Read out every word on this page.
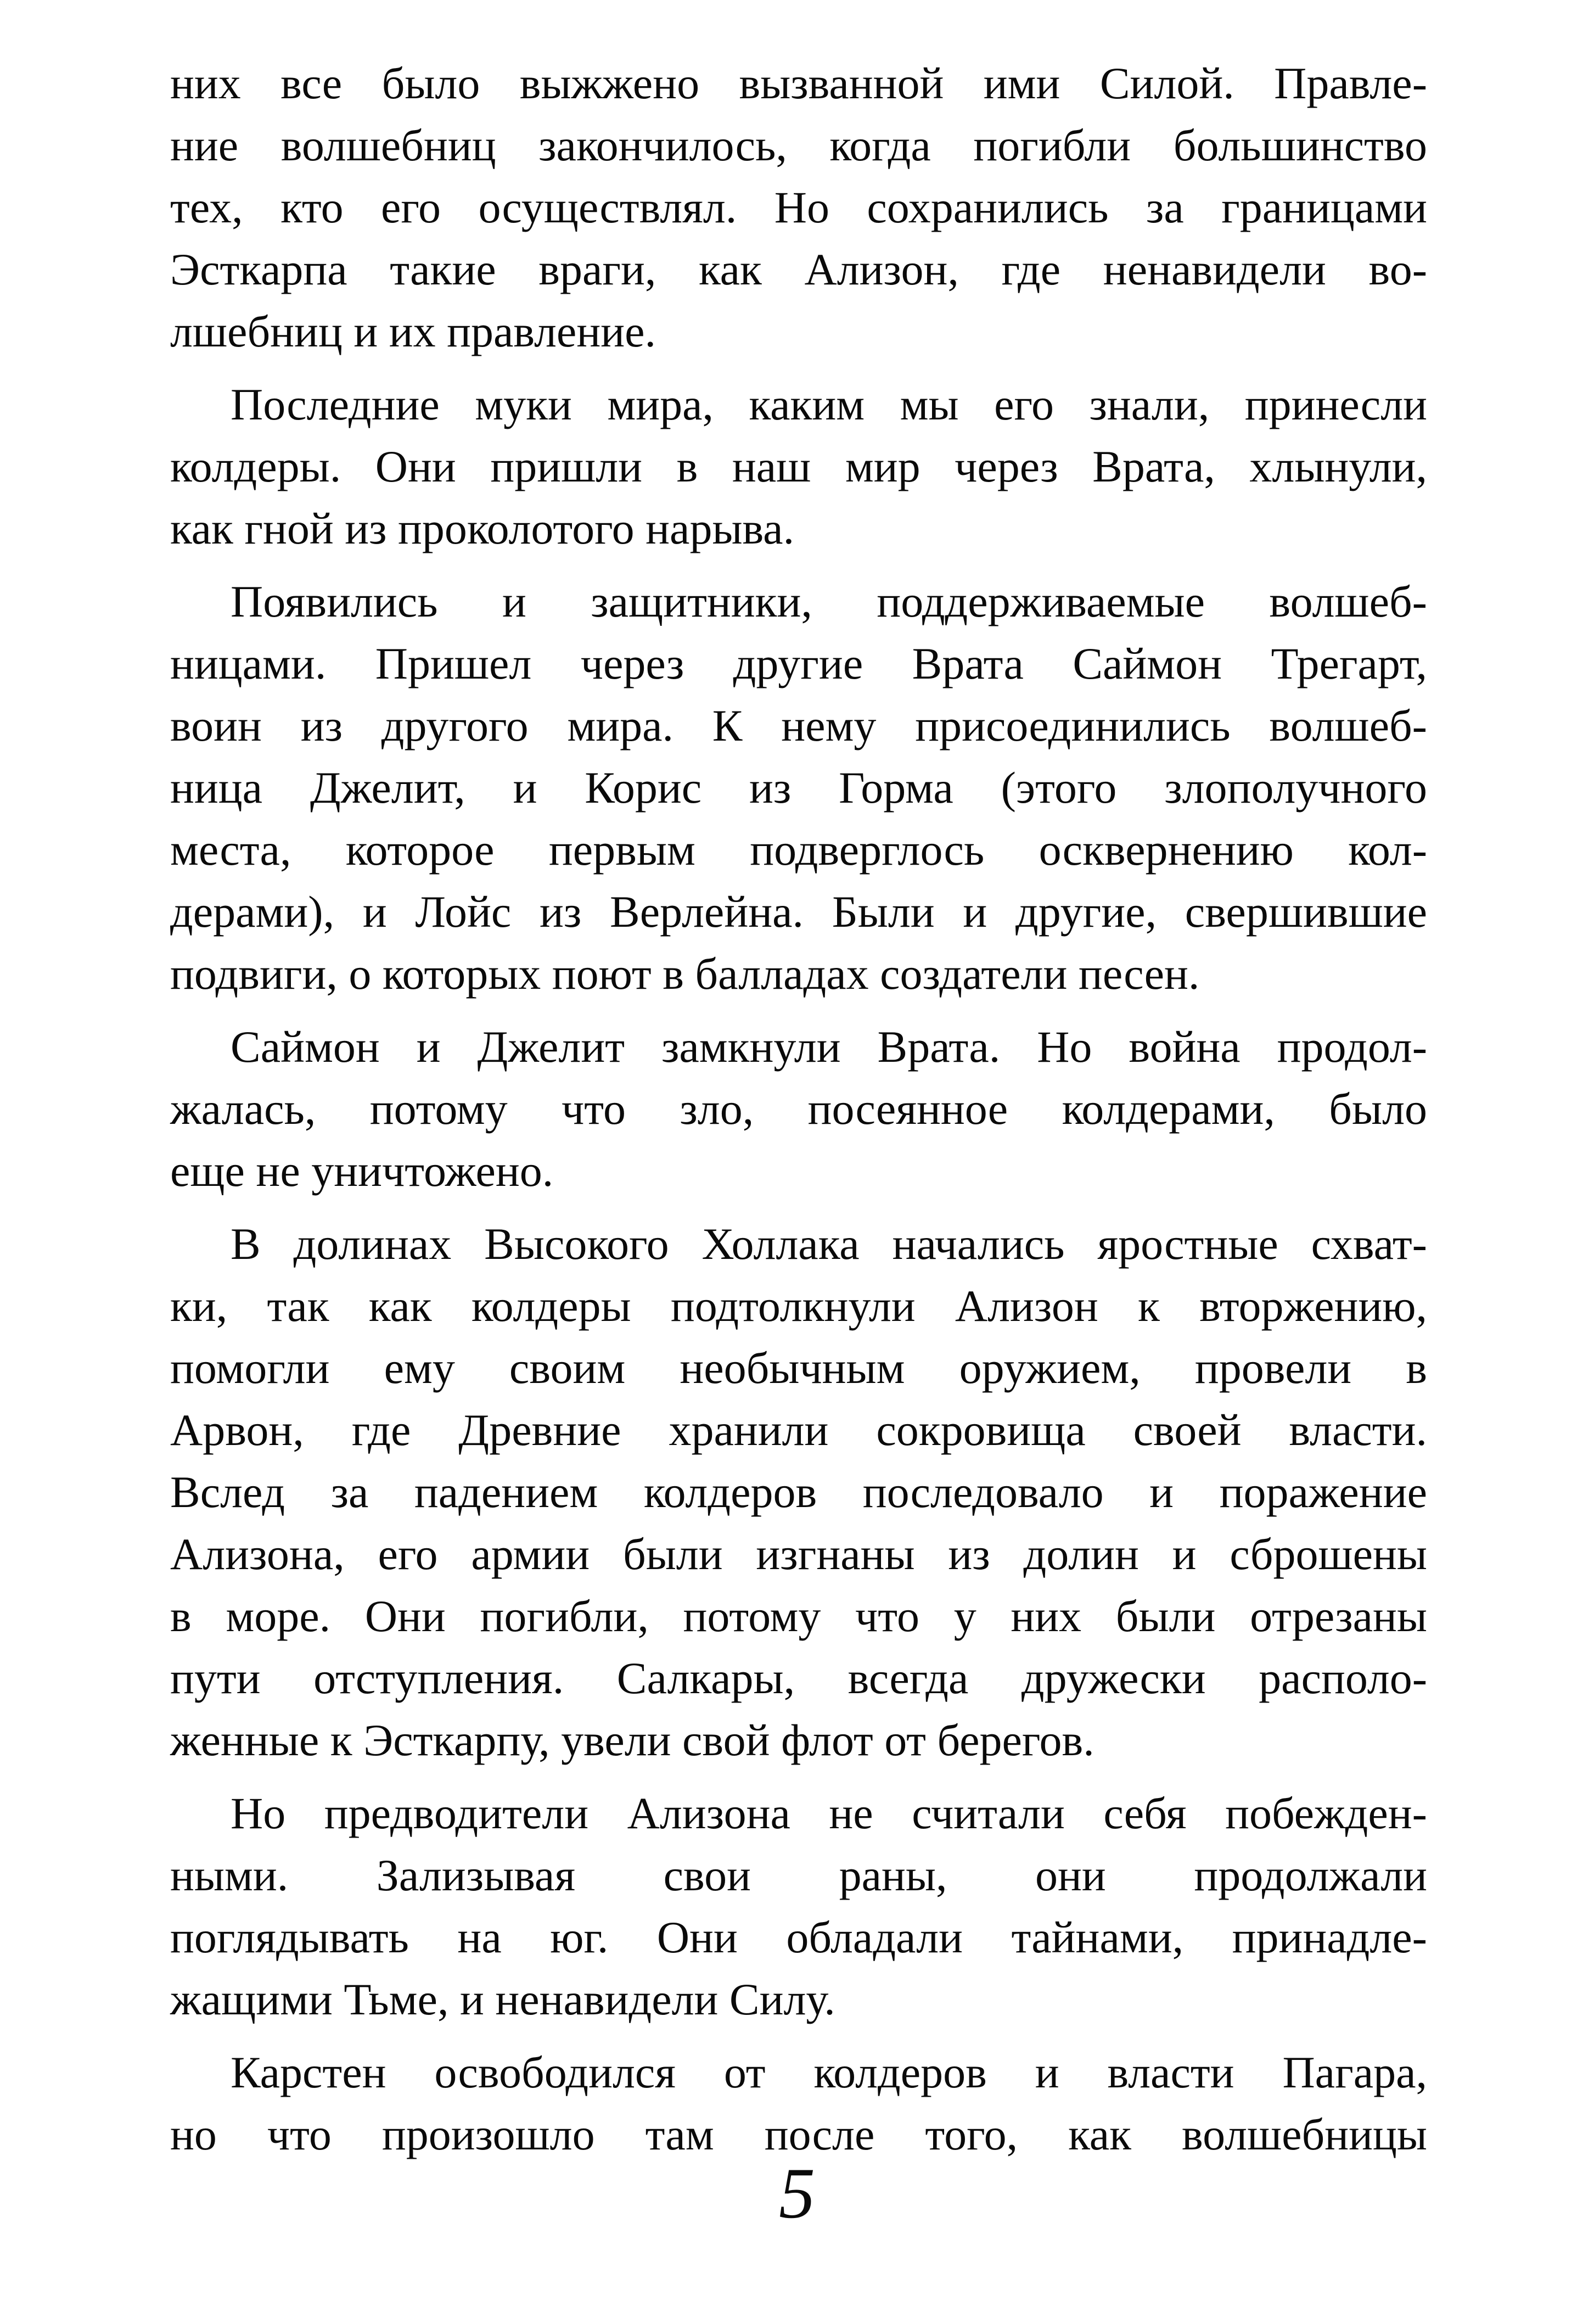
них все было выжжено вызванной ими Силой. Правле-
ние волшебниц закончилось, когда погибли большинство
тех, кто его осуществлял. Но сохранились за границами
Эсткарпа такие враги, как Ализон, где ненавидели во-
лшебниц и их правление.
Последние муки мира, каким мы его знали, принесли
колдеры. Они пришли в наш мир через Врата, хлынули,
как гной из проколотого нарыва.
Появились и защитники, поддерживаемые волшеб-
ницами. Пришел через другие Врата Саймон Трегарт,
воин из другого мира. К нему присоединились волшеб-
ница Джелит, и Корис из Горма (этого злополучного
места, которое первым подверглось осквернению кол-
дерами), и Лойс из Верлейна. Были и другие, свершившие
подвиги, о которых поют в балладах создатели песен.
Саймон и Джелит замкнули Врата. Но война продол-
жалась, потому что зло, посеянное колдерами, было
еще не уничтожено.
В долинах Высокого Холлака начались яростные схват-
ки, так как колдеры подтолкнули Ализон к вторжению,
помогли ему своим необычным оружием, провели в
Арвон, где Древние хранили сокровища своей власти.
Вслед за падением колдеров последовало и поражение
Ализона, его армии были изгнаны из долин и сброшены
в море. Они погибли, потому что у них были отрезаны
пути отступления. Салкары, всегда дружески располо-
женные к Эсткарпу, увели свой флот от берегов.
Но предводители Ализона не считали себя побежден-
ными. Зализывая свои раны, они продолжали
поглядывать на юг. Они обладали тайнами, принадле-
жащими Тьме, и ненавидели Силу.
Карстен освободился от колдеров и власти Пагара,
но что произошло там после того, как волшебницы
5
